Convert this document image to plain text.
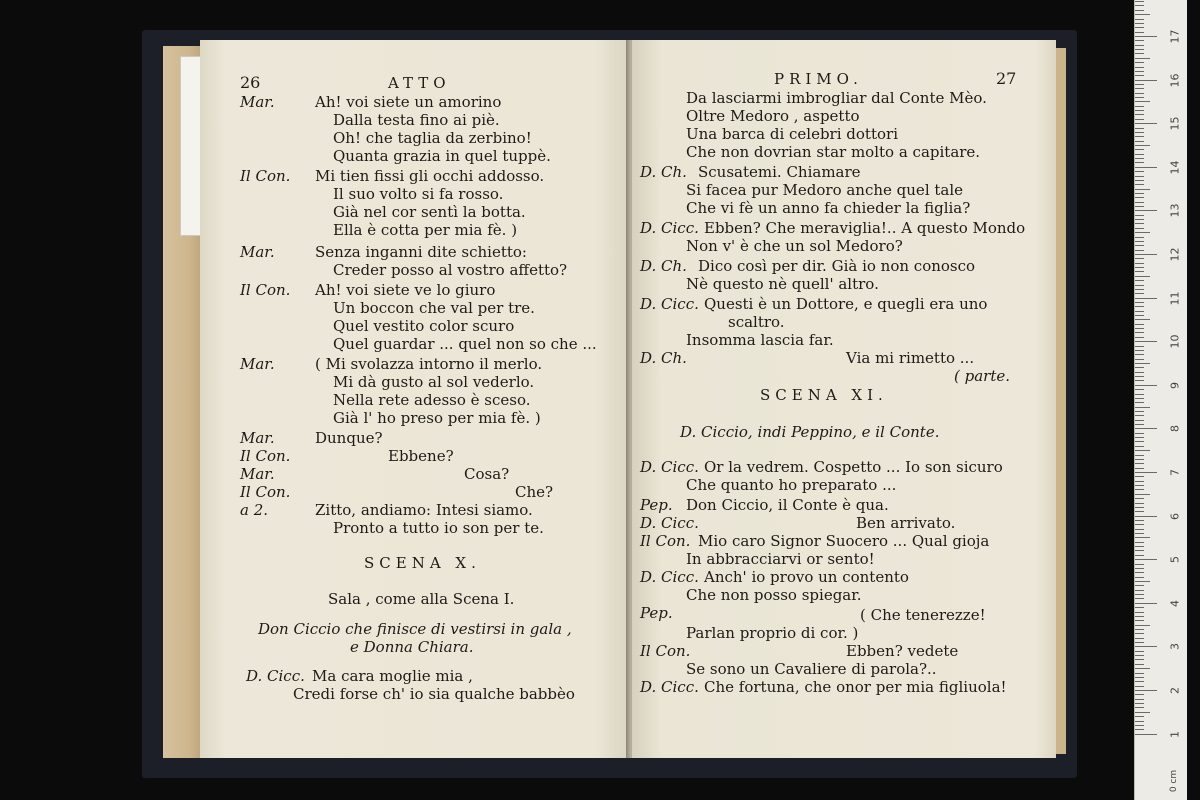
26	ATTO
Mar.	Ah! voi siete un amorino
Dalla testa fino ai piè.
Oh! che taglia da zerbino!
Quanta grazia in quel tuppè.
Il Con. Mi tien fissi gli occhi addosso.
Il suo volto si fa rosso.
Già nel cor sentì la botta.
Ella è cotta per mia fè. )
Mar.	Senza inganni dite schietto:
Creder posso al vostro affetto?
Il Con. Ah! voi siete ve lo giuro
Un boccon che val per tre.
Quel vestito color scuro
Quel guardar ... quel non so che ...
Mar.	( Mi svolazza intorno il merlo.
Mi dà gusto al sol vederlo.
Nella rete adesso è sceso.
Già l' ho preso per mia fè. )
Mar.	Dunque?
Il Con.	Ebbene?
Mar.	Cosa?
Il Con.	Che?
a 2.	Zitto, andiamo: Intesi siamo.
Pronto a tutto io son per te.
SCENA X.
Sala , come alla Scena I.
Don Ciccio che finisce di vestirsi in gala ,
e Donna Chiara.
D. Cicc. Ma cara moglie mia ,
Credi forse ch' io sia qualche babbèo
PRIMO.	27
Da lasciarmi imbrogliar dal Conte Mèo.
Oltre Medoro , aspetto
Una barca di celebri dottori
Che non dovrian star molto a capitare.
D. Ch. Scusatemi. Chiamare
Si facea pur Medoro anche quel tale
Che vi fè un anno fa chieder la figlia?
D. Cicc. Ebben? Che meraviglia!.. A questo Mondo
Non v' è che un sol Medoro?
D. Ch. Dico così per dir. Già io non conosco
Nè questo nè quell' altro.
D. Cicc. Questi è un Dottore, e quegli era uno
scaltro.
Insomma lascia far.
D. Ch.	Via mi rimetto ...
( parte.
SCENA XI.
D. Ciccio, indi Peppino, e il Conte.
D. Cicc. Or la vedrem. Cospetto ... Io son sicuro
Che quanto ho preparato ...
Pep. Don Ciccio, il Conte è qua.
D. Cicc.	Ben arrivato.
Il Con. Mio caro Signor Suocero ... Qual gioja
In abbracciarvi or sento!
D. Cicc. Anch' io provo un contento
Che non posso spiegar.
Pep.	( Che tenerezze!
Parlan proprio di cor. )
Il Con.	Ebben? vedete
Se sono un Cavaliere di parola?..
D. Cicc. Che fortuna, che onor per mia figliuola!
0 cm
17
16
15
14
13
12
11
10
9
8
7
6
5
4
3
2
1
